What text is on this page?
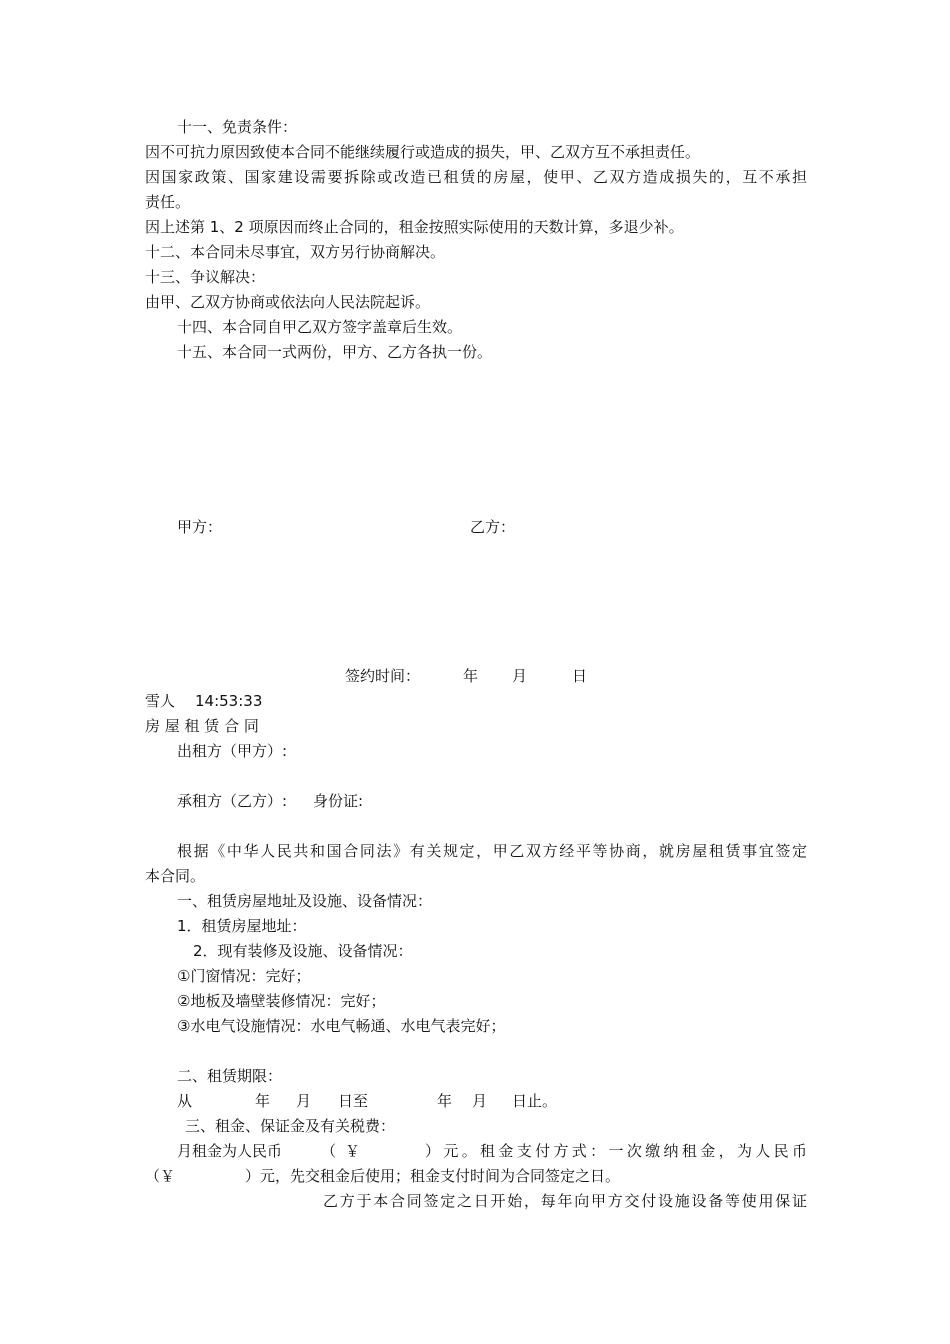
十一、免责条件：
因不可抗力原因致使本合同不能继续履行或造成的损失，甲、乙双方互不承担责任。
因国家政策、国家建设需要拆除或改造已租赁的房屋，使甲、乙双方造成损失的，互不承担
责任。
因上述第 1、2 项原因而终止合同的，租金按照实际使用的天数计算，多退少补。
十二、本合同未尽事宜，双方另行协商解决。
十三、争议解决：
由甲、乙双方协商或依法向人民法院起诉。
十四、本合同自甲乙双方签字盖章后生效。
十五、本合同一式两份，甲方、乙方各执一份。
甲方：	乙方：
签约时间：	年 月	日
雪人 14:53:33
房 屋 租 赁 合 同
出租方（甲方）:
承租方（乙方）: 身份证:
根据《中华人民共和国合同法》有关规定，甲乙双方经平等协商，就房屋租赁事宜签定
本合同。
一、租赁房屋地址及设施、设备情况：
1．租赁房屋地址：
2．现有装修及设施、设备情况：
①门窗情况：完好；
②地板及墙壁装修情况：完好；
③水电气设施情况：水电气畅通、水电气表完好；
二、租赁期限：
从	年 月 日至	年 月 日止。
三、租金、保证金及有关税费：
月租金为人民币	（ ￥	）元。租金支付方式：一次缴纳租金，为人民币
（￥	）元，先交租金后使用；租金支付时间为合同签定之日。
乙方于本合同签定之日开始，每年向甲方交付设施设备等使用保证
